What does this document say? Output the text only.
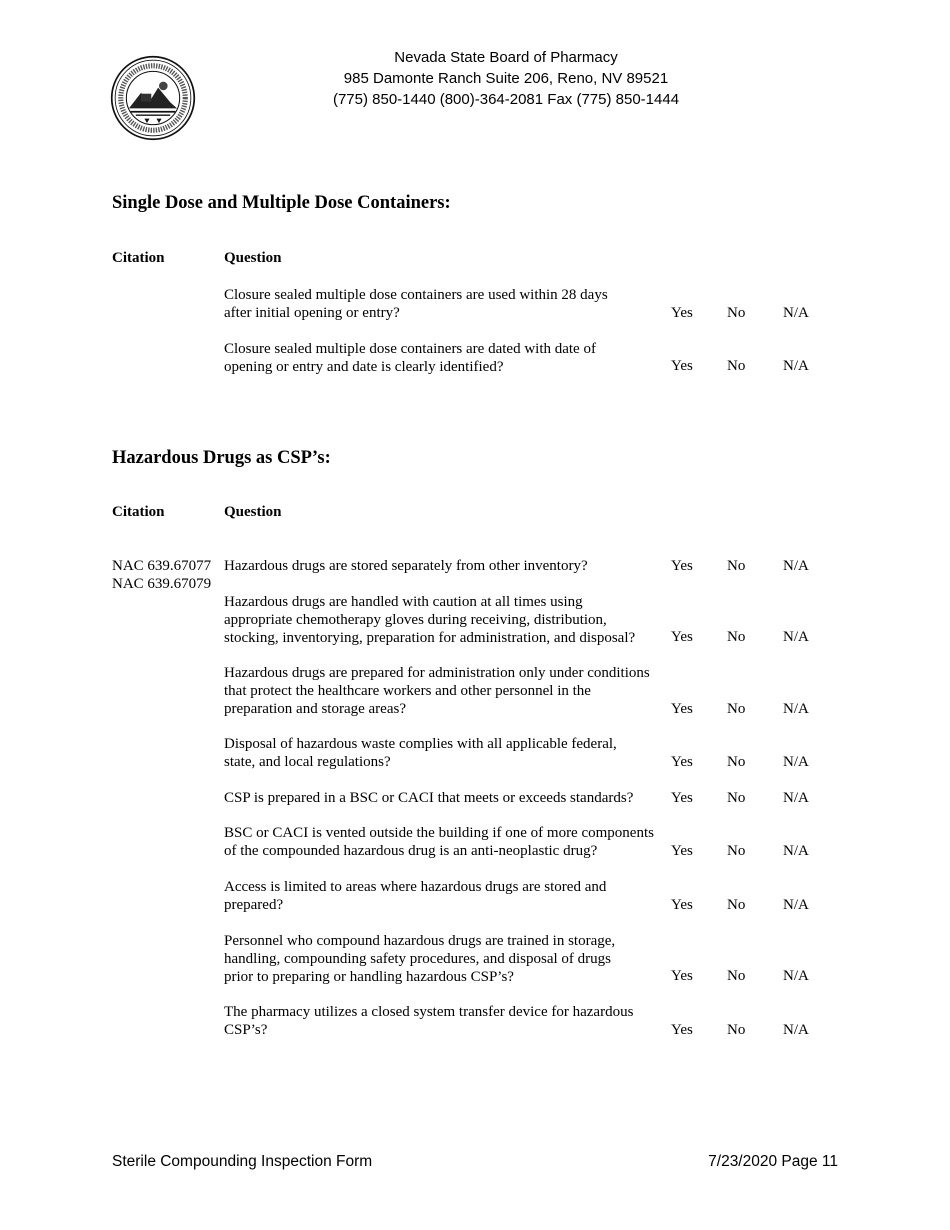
Nevada State Board of Pharmacy
985 Damonte Ranch Suite 206, Reno, NV 89521
(775) 850-1440 (800)-364-2081 Fax (775) 850-1444
Single Dose and Multiple Dose Containers:
Citation	Question
Closure sealed multiple dose containers are used within 28 days
after initial opening or entry?	Yes No	N/A
Closure sealed multiple dose containers are dated with date of
opening or entry and date is clearly identified?	Yes No	N/A
Hazardous Drugs as CSP’s:
Citation	Question
NAC 639.67077
NAC 639.67079
Hazardous drugs are stored separately from other inventory?	Yes No	N/A
Hazardous drugs are handled with caution at all times using
appropriate chemotherapy gloves during receiving, distribution,
stocking, inventorying, preparation for administration, and disposal? Yes No	N/A
Hazardous drugs are prepared for administration only under conditions
that protect the healthcare workers and other personnel in the
preparation and storage areas?	Yes No	N/A
Disposal of hazardous waste complies with all applicable federal,
state, and local regulations?	Yes No	N/A
CSP is prepared in a BSC or CACI that meets or exceeds standards?	Yes No	N/A
BSC or CACI is vented outside the building if one of more components
of the compounded hazardous drug is an anti-neoplastic drug?	Yes No	N/A
Access is limited to areas where hazardous drugs are stored and
prepared?	Yes No	N/A
Personnel who compound hazardous drugs are trained in storage,
handling, compounding safety procedures, and disposal of drugs
prior to preparing or handling hazardous CSP’s?	Yes No	N/A
The pharmacy utilizes a closed system transfer device for hazardous
CSP’s?	Yes No	N/A
Sterile Compounding Inspection Form	7/23/2020 Page 11
